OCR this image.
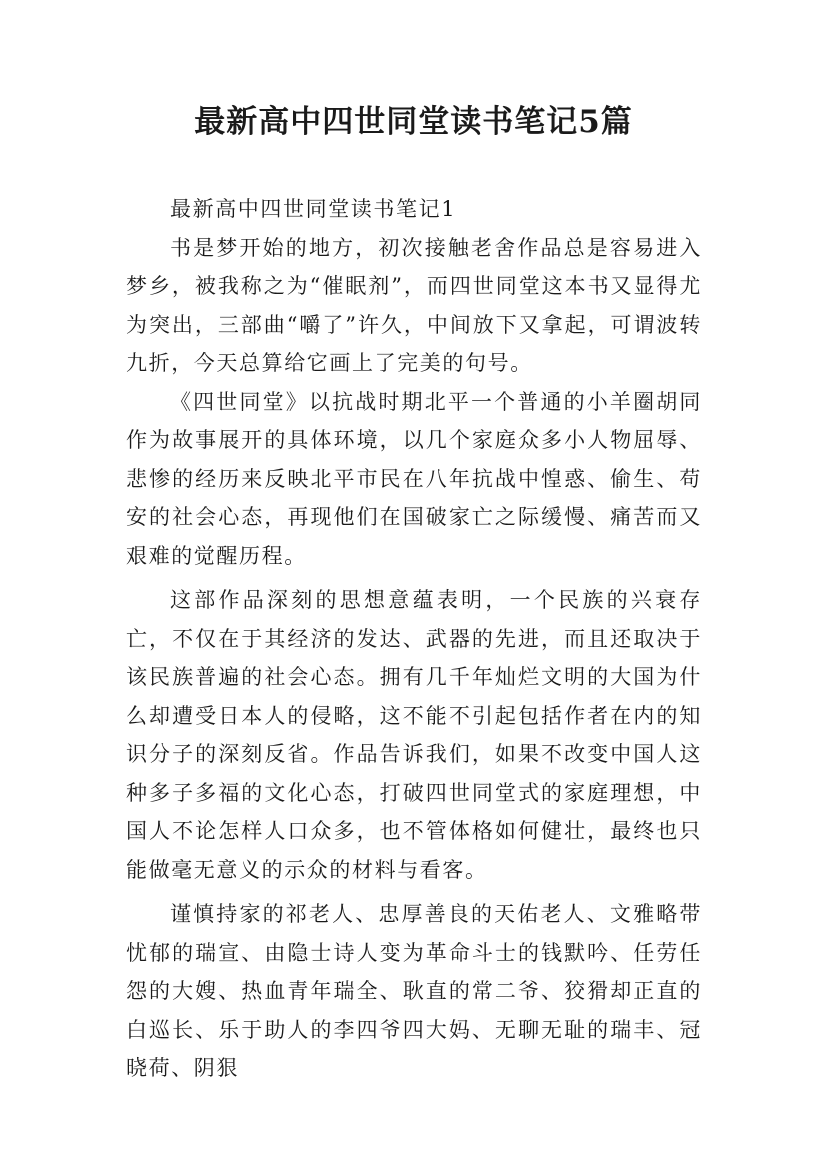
最新高中四世同堂读书笔记5篇

最新高中四世同堂读书笔记1

书是梦开始的地方，初次接触老舍作品总是容易进入梦乡，被我称之为“催眠剂”，而四世同堂这本书又显得尤为突出，三部曲“嚼了”许久，中间放下又拿起，可谓波转九折，今天总算给它画上了完美的句号。

《四世同堂》以抗战时期北平一个普通的小羊圈胡同作为故事展开的具体环境，以几个家庭众多小人物屈辱、悲惨的经历来反映北平市民在八年抗战中惶惑、偷生、苟安的社会心态，再现他们在国破家亡之际缓慢、痛苦而又艰难的觉醒历程。

这部作品深刻的思想意蕴表明，一个民族的兴衰存亡，不仅在于其经济的发达、武器的先进，而且还取决于该民族普遍的社会心态。拥有几千年灿烂文明的大国为什么却遭受日本人的侵略，这不能不引起包括作者在内的知识分子的深刻反省。作品告诉我们，如果不改变中国人这种多子多福的文化心态，打破四世同堂式的家庭理想，中国人不论怎样人口众多，也不管体格如何健壮，最终也只能做毫无意义的示众的材料与看客。

谨慎持家的祁老人、忠厚善良的天佑老人、文雅略带忧郁的瑞宣、由隐士诗人变为革命斗士的钱默吟、任劳任怨的大嫂、热血青年瑞全、耿直的常二爷、狡猾却正直的白巡长、乐于助人的李四爷四大妈、无聊无耻的瑞丰、冠晓荷、阴狠
